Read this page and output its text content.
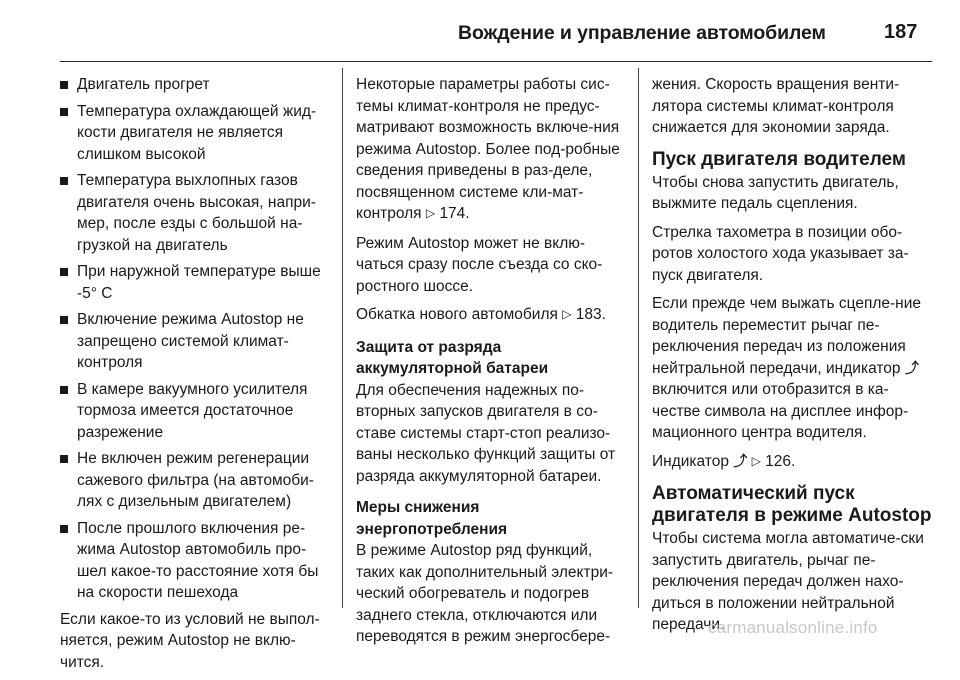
Вождение и управление автомобилем	187
Двигатель прогрет
Температура охлаждающей жид-кости двигателя не является слишком высокой
Температура выхлопных газов двигателя очень высокая, напри-мер, после езды с большой на-грузкой на двигатель
При наружной температуре выше -5° C
Включение режима Autostop не запрещено системой климат-контроля
В камере вакуумного усилителя тормоза имеется достаточное разрежение
Не включен режим регенерации сажевого фильтра (на автомоби-лях с дизельным двигателем)
После прошлого включения ре-жима Autostop автомобиль про-шел какое-то расстояние хотя бы на скорости пешехода

Если какое-то из условий не выпол-няется, режим Autostop не вклю-чится.

Некоторые параметры работы сис-темы климат-контроля не предус-матривают возможность включе-ния режима Autostop. Более под-робные сведения приведены в раз-деле, посвященном системе кли-мат-контроля ▷ 174.

Режим Autostop может не вклю-чаться сразу после съезда со ско-ростного шоссе.

Обкатка нового автомобиля ▷ 183.

Защита от разряда аккумуляторной батареи

Для обеспечения надежных по-вторных запусков двигателя в со-ставе системы старт-стоп реализо-ваны несколько функций защиты от разряда аккумуляторной батареи.

Меры снижения энергопотребления

В режиме Autostop ряд функций, таких как дополнительный электри-ческий обогреватель и подогрев заднего стекла, отключаются или переводятся в режим энергосбере-

жения. Скорость вращения венти-лятора системы климат-контроля снижается для экономии заряда.

Пуск двигателя водителем

Чтобы снова запустить двигатель, выжмите педаль сцепления.

Стрелка тахометра в позиции обо-ротов холостого хода указывает за-пуск двигателя.

Если прежде чем выжать сцепле-ние водитель переместит рычаг пе-реключения передач из положения нейтральной передачи, индикатор ⤴ включится или отобразится в ка-честве символа на дисплее инфор-мационного центра водителя.

Индикатор ⤴ ▷ 126.

Автоматический пуск двигателя в режиме Autostop

Чтобы система могла автоматиче-ски запустить двигатель, рычаг пе-реключения передач должен нахо-диться в положении нейтральной передачи.

carmanualsonline.info
